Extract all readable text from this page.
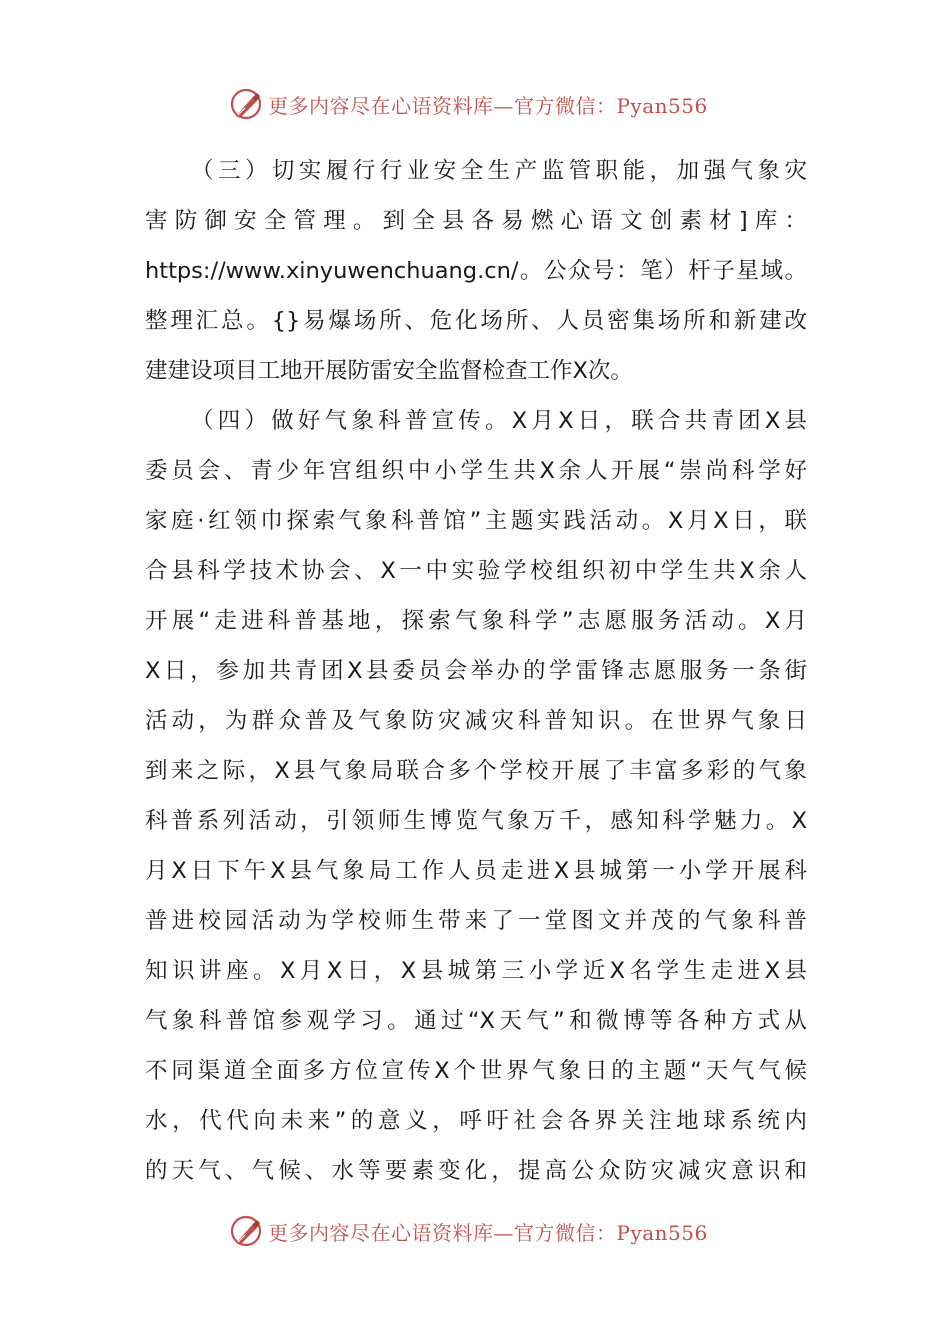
更多内容尽在心语资料库—官方微信：Pyan556
（三）切实履行行业安全生产监管职能，加强气象灾
害防御安全管理。到全县各易燃心语文创素材]库：
https://www.xinyuwenchuang.cn/。公众号：笔）杆子星域。
整理汇总。{}易爆场所、危化场所、人员密集场所和新建改
建建设项目工地开展防雷安全监督检查工作X次。
（四）做好气象科普宣传。X月X日，联合共青团X县
委员会、青少年宫组织中小学生共X余人开展“崇尚科学好
家庭·红领巾探索气象科普馆”主题实践活动。X月X日，联
合县科学技术协会、X一中实验学校组织初中学生共X余人
开展“走进科普基地，探索气象科学”志愿服务活动。X月
X日，参加共青团X县委员会举办的学雷锋志愿服务一条街
活动，为群众普及气象防灾减灾科普知识。在世界气象日
到来之际，X县气象局联合多个学校开展了丰富多彩的气象
科普系列活动，引领师生博览气象万千，感知科学魅力。X
月X日下午X县气象局工作人员走进X县城第一小学开展科
普进校园活动为学校师生带来了一堂图文并茂的气象科普
知识讲座。X月X日，X县城第三小学近X名学生走进X县
气象科普馆参观学习。通过“X天气”和微博等各种方式从
不同渠道全面多方位宣传X个世界气象日的主题“天气气候
水，代代向未来”的意义，呼吁社会各界关注地球系统内
的天气、气候、水等要素变化，提高公众防灾减灾意识和
更多内容尽在心语资料库—官方微信：Pyan556
